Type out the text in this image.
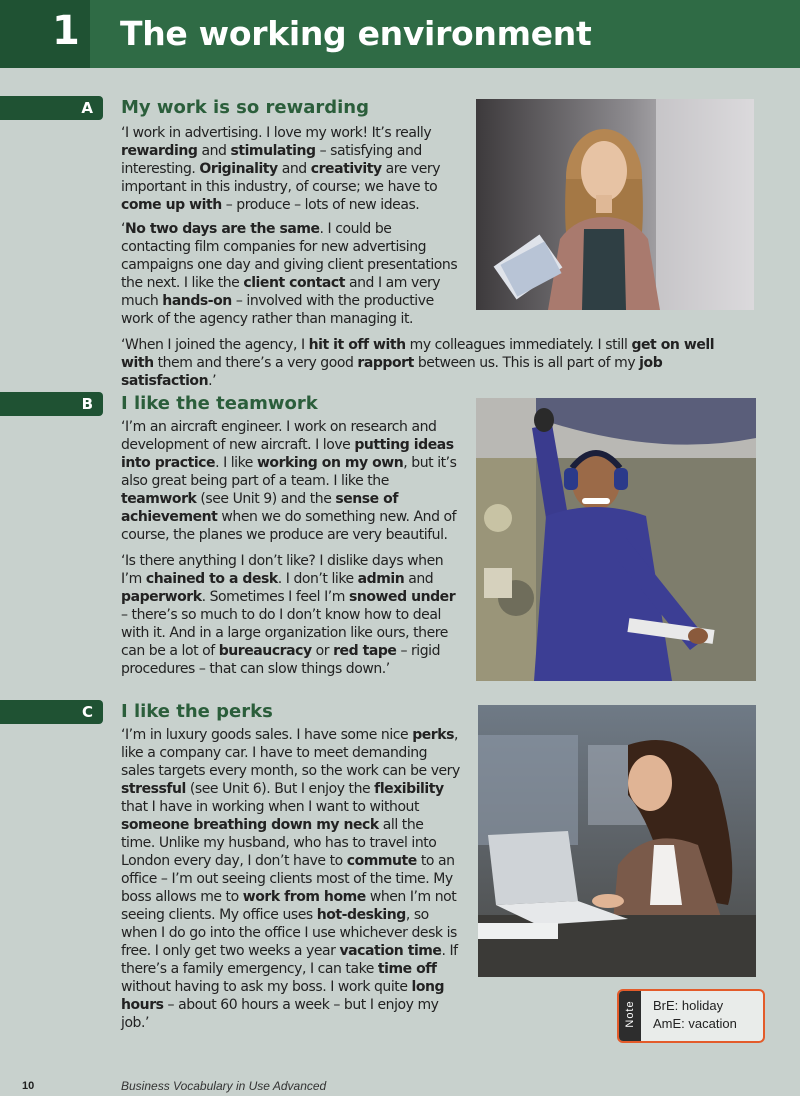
1 The working environment
A My work is so rewarding
‘I work in advertising. I love my work! It’s really rewarding and stimulating – satisfying and interesting. Originality and creativity are very important in this industry, of course; we have to come up with – produce – lots of new ideas.
‘No two days are the same. I could be contacting film companies for new advertising campaigns one day and giving client presentations the next. I like the client contact and I am very much hands-on – involved with the productive work of the agency rather than managing it.
‘When I joined the agency, I hit it off with my colleagues immediately. I still get on well with them and there’s a very good rapport between us. This is all part of my job satisfaction.’
B I like the teamwork
‘I’m an aircraft engineer. I work on research and development of new aircraft. I love putting ideas into practice. I like working on my own, but it’s also great being part of a team. I like the teamwork (see Unit 9) and the sense of achievement when we do something new. And of course, the planes we produce are very beautiful.
‘Is there anything I don’t like? I dislike days when I’m chained to a desk. I don’t like admin and paperwork. Sometimes I feel I’m snowed under – there’s so much to do I don’t know how to deal with it. And in a large organization like ours, there can be a lot of bureaucracy or red tape – rigid procedures – that can slow things down.’
C I like the perks
‘I’m in luxury goods sales. I have some nice perks, like a company car. I have to meet demanding sales targets every month, so the work can be very stressful (see Unit 6). But I enjoy the flexibility that I have in working when I want to without someone breathing down my neck all the time. Unlike my husband, who has to travel into London every day, I don’t have to commute to an office – I’m out seeing clients most of the time. My boss allows me to work from home when I’m not seeing clients. My office uses hot-desking, so when I do go into the office I use whichever desk is free. I only get two weeks a year vacation time. If there’s a family emergency, I can take time off without having to ask my boss. I work quite long hours – about 60 hours a week – but I enjoy my job.’	Note BrE: holiday
AmE: vacation
10	Business Vocabulary in Use Advanced
